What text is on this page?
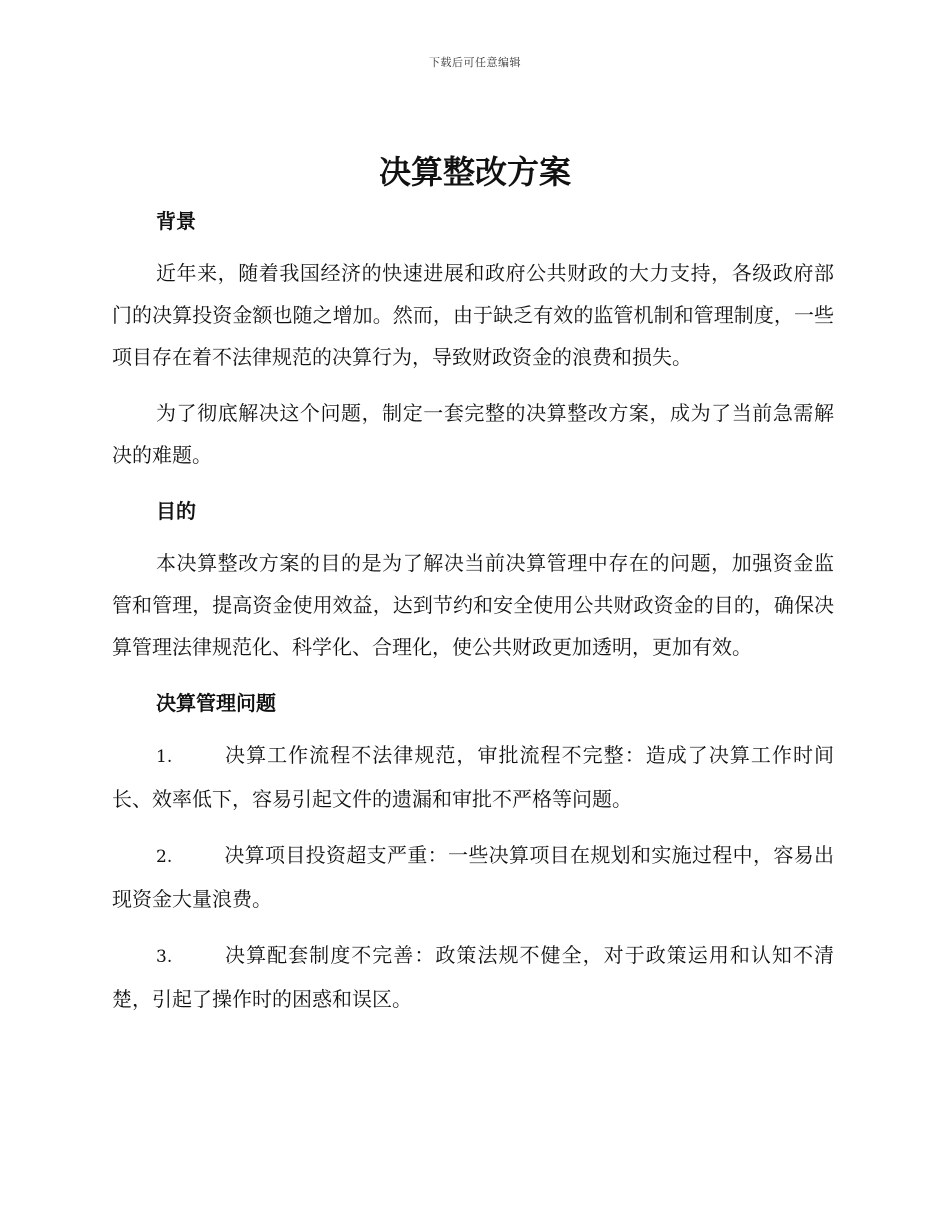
下载后可任意编辑
决算整改方案
背景

近年来，随着我国经济的快速进展和政府公共财政的大力支持，各级政府部门的决算投资金额也随之增加。然而，由于缺乏有效的监管机制和管理制度，一些项目存在着不法律规范的决算行为，导致财政资金的浪费和损失。

为了彻底解决这个问题，制定一套完整的决算整改方案，成为了当前急需解决的难题。

目的

本决算整改方案的目的是为了解决当前决算管理中存在的问题，加强资金监管和管理，提高资金使用效益，达到节约和安全使用公共财政资金的目的，确保决算管理法律规范化、科学化、合理化，使公共财政更加透明，更加有效。

决算管理问题

1.	决算工作流程不法律规范，审批流程不完整：造成了决算工作时间长、效率低下，容易引起文件的遗漏和审批不严格等问题。

2.	决算项目投资超支严重：一些决算项目在规划和实施过程中，容易出现资金大量浪费。

3.	决算配套制度不完善：政策法规不健全，对于政策运用和认知不清楚，引起了操作时的困惑和误区。
